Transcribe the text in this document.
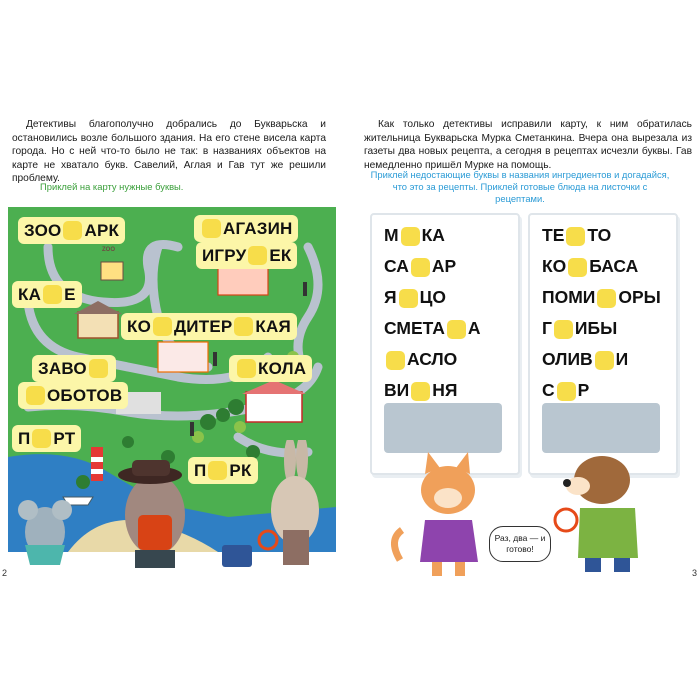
Детективы благополучно добрались до Букварьска и остановились возле большого здания. На его стене висела карта города. Но с ней что-то было не так: в названиях объектов на карте не хватало букв. Савелий, Аглая и Гав тут же решили проблему.

Приклей на карту нужные буквы.

ZOO
ЗОО АРК	АГАЗИН
ИГРУ ЕК
КА Е
КО ДИТЕР КАЯ
ЗАВО	КОЛА
ОБОТОВ
П РТ
П РК
2

Как только детективы исправили карту, к ним обратилась жительница Букварьска Мурка Сметанкина. Вчера она вырезала из газеты два новых рецепта, а сегодня в рецептах исчезли буквы. Гав немедленно пришёл Мурке на помощь.

Приклей недостающие буквы в названия ингредиентов и догадайся, что это за рецепты. Приклей готовые блюда на листочки с рецептами.

М КА
СА АР
Я ЦО
СМЕТА А
АСЛО
ВИ НЯ
ТЕ ТО
КО БАСА
ПОМИ ОРЫ
Г ИБЫ
ОЛИВ И
С Р
Раз, два — и готово!
3
